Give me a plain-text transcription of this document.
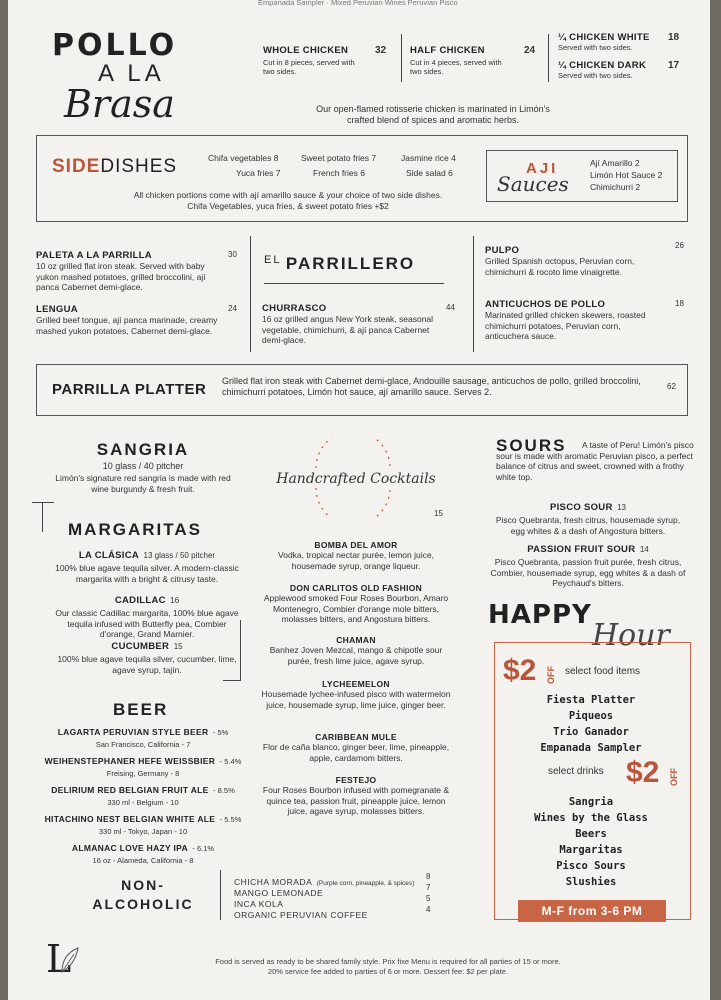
Empanada Sampler · Mixed Peruvian Wines Peruvian Pisco
POLLO
A LA
Brasa
WHOLE CHICKEN	32
Cut in 8 pieces, served with two sides.
HALF CHICKEN	24
Cut in 4 pieces, served with two sides.
¼ CHICKEN WHITE	18
Served with two sides.
¼ CHICKEN DARK	17
Served with two sides.
Our open-flamed rotisserie chicken is marinated in Limón's crafted blend of spices and aromatic herbs.
SIDEDISHES	Chifa vegetables 8	Sweet potato fries 7	Jasmine rice 4
Yuca fries 7	French fries 6	Side salad 6
All chicken portions come with ají amarillo sauce & your choice of two side dishes.
Chifa Vegetables, yuca fries, & sweet potato fries +$2
AJI
Sauces
Ají Amarillo 2
Limón Hot Sauce 2
Chimichurri 2
PALETA A LA PARRILLA	30
10 oz grilled flat iron steak. Served with baby yukon mashed potatoes, grilled broccolini, ají panca Cabernet demi-glace.
LENGUA	24
Grilled beef tongue, ají panca marinade, creamy mashed yukon potatoes, Cabernet demi-glace.
$^{EL}$ PARRILLERO
CHURRASCO	44
16 oz grilled angus New York steak, seasonal vegetable, chimichurri, & ají panca Cabernet demi-glace.
PULPO	26
Grilled Spanish octopus, Peruvian corn, chimichurri & rocoto lime vinaigrette.
ANTICUCHOS DE POLLO	18
Marinated grilled chicken skewers, roasted chimichurri potatoes, Peruvian corn, anticuchera sauce.
PARRILLA PLATTER Grilled flat iron steak with Cabernet demi-glace, Andouille sausage, anticuchos de pollo, grilled broccolini, chimichurri potatoes, Limón hot sauce, ají amarillo sauce. Serves 2.	62
SANGRIA
10 glass / 40 pitcher
Limón's signature red sangria is made with red wine burgundy & fresh fruit.
MARGARITAS
LA CLÁSICA 13 glass / 50 pitcher
100% blue agave tequila silver. A modern-classic margarita with a bright & citrusy taste.
CADILLAC 16
Our classic Cadillac margarita, 100% blue agave tequila infused with Butterfly pea, Combier d'orange, Grand Marnier.
CUCUMBER 15
100% blue agave tequila silver, cucumber, lime, agave syrup, tajín.
BEER
LAGARTA PERUVIAN STYLE BEER - 5%
San Francisco, California - 7
WEIHENSTEPHANER HEFE WEISSBIER - 5.4%
Freising, Germany - 8
DELIRIUM RED BELGIAN FRUIT ALE - 8.5%
330 ml - Belgium - 10
HITACHINO NEST BELGIAN WHITE ALE - 5.5%
330 ml - Tokyo, Japan - 10
ALMANAC LOVE HAZY IPA - 6.1%
16 oz - Alameda, California - 8
NON-
ALCOHOLIC
CHICHA MORADA (Purple corn, pineapple, & spices)
8
MANGO LEMONADE
7
INCA KOLA
5
ORGANIC PERUVIAN COFFEE
4
Handcrafted Cocktails
15
BOMBA DEL AMOR
Vodka, tropical nectar purée, lemon juice, housemade syrup, orange liqueur.
DON CARLITOS OLD FASHION
Applewood smoked Four Roses Bourbon, Amaro Montenegro, Combier d'orange mole bitters, molasses bitters, and Angostura bitters.
CHAMAN
Banhez Joven Mezcal, mango & chipotle sour purée, fresh lime juice, agave syrup.
LYCHEEMELON
Housemade lychee-infused pisco with watermelon juice, housemade syrup, lime juice, ginger beer.
CARIBBEAN MULE
Flor de caña blanco, ginger beer, lime, pineapple, apple, cardamom bitters.
FESTEJO
Four Roses Bourbon infused with pomegranate & quince tea, passion fruit, pineapple juice, lemon juice, agave syrup, molasses bitters.
SOURS	A taste of Peru! Limón's pisco sour is made with aromatic Peruvian pisco, a perfect balance of citrus and sweet, crowned with a frothy white top.
PISCO SOUR 13
Pisco Quebranta, fresh citrus, housemade syrup, egg whites & a dash of Angostura bitters.
PASSION FRUIT SOUR 14
Pisco Quebranta, passion fruit purée, fresh citrus, Combier, housemade syrup, egg whites & a dash of Peychaud's bitters.
HAPPY
Hour
$2 OFF select food items
Fiesta Platter
Piqueos
Trio Ganador
Empanada Sampler
select drinks $2 OFF
Sangria
Wines by the Glass
Beers
Margaritas
Pisco Sours
Slushies
M-F from 3-6 PM
L	Food is served as ready to be shared family style. Prix fixe Menu is required for all parties of 15 or more.
20% service fee added to parties of 6 or more. Dessert fee: $2 per plate.
